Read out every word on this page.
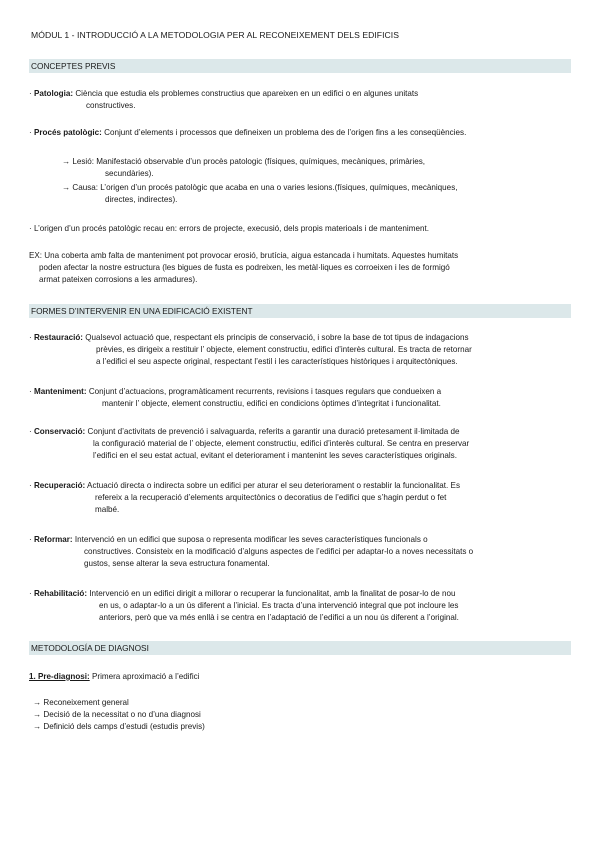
MÓDUL 1 - INTRODUCCIÓ A LA METODOLOGIA PER AL RECONEIXEMENT DELS EDIFICIS
CONCEPTES PREVIS
· Patologia: Ciència que estudia els problemes constructius que apareixen en un edifici o en algunes unitats
constructives.
· Procés patològic: Conjunt d’elements i processos que defineixen un problema des de l’origen fins a les conseqüències.
→ Lesió: Manifestació observable d’un procès patologic (físiques, químiques, mecàniques, primàries,
secundàries).
→ Causa: L’origen d’un procés patològic que acaba en una o varies lesions.(físiques, químiques, mecàniques,
directes, indirectes).
· L’origen d’un procés patològic recau en: errors de projecte, execusió, dels propis materioals i de manteniment.
EX: Una coberta amb falta de manteniment pot provocar erosió, brutícia, aigua estancada i humitats. Aquestes humitats
poden afectar la nostre estructura (les bigues de fusta es podreixen, les metàl·liques es corroeixen i les de formigó
armat pateixen corrosions a les armadures).
FORMES D’INTERVENIR EN UNA EDIFICACIÓ EXISTENT
· Restauració: Qualsevol actuació que, respectant els principis de conservació, i sobre la base de tot tipus de indagacions
prèvies, es dirigeix a restituir l’ objecte, element constructiu, edifici d’interès cultural. Es tracta de retornar
a l’edifici el seu aspecte original, respectant l’estil i les característiques històriques i arquitectòniques.
· Manteniment: Conjunt d’actuacions, programàticament recurrents, revisions i tasques regulars que condueixen a
mantenir l’ objecte, element constructiu, edifici en condicions òptimes d’integritat i funcionalitat.
· Conservació: Conjunt d’activitats de prevenció i salvaguarda, referits a garantir una duració pretesament il·limitada de
la configuració material de l’ objecte, element constructiu, edifici d’interès cultural. Se centra en preservar
l’edifici en el seu estat actual, evitant el deteriorament i mantenint les seves característiques originals.
· Recuperació: Actuació directa o indirecta sobre un edifici per aturar el seu deteriorament o restablir la funcionalitat. Es
refereix a la recuperació d’elements arquitectònics o decoratius de l’edifici que s’hagin perdut o fet
malbé.
· Reformar: Intervenció en un edifici que suposa o representa modificar les seves característiques funcionals o
constructives. Consisteix en la modificació d’alguns aspectes de l’edifici per adaptar-lo a noves necessitats o
gustos, sense alterar la seva estructura fonamental.
· Rehabilitació: Intervenció en un edifici dirigit a millorar o recuperar la funcionalitat, amb la finalitat de posar-lo de nou
en us, o adaptar-lo a un ús diferent a l’inicial. Es tracta d’una intervenció integral que pot incloure les
anteriors, però que va més enllà i se centra en l’adaptació de l’edifici a un nou ús diferent a l’original.
METODOLOGÍA DE DIAGNOSI
1. Pre-diagnosi: Primera aproximació a l’edifici
→ Reconeixement general
→ Decisió de la necessitat o no d’una diagnosi
→ Definició dels camps d’estudi (estudis previs)
